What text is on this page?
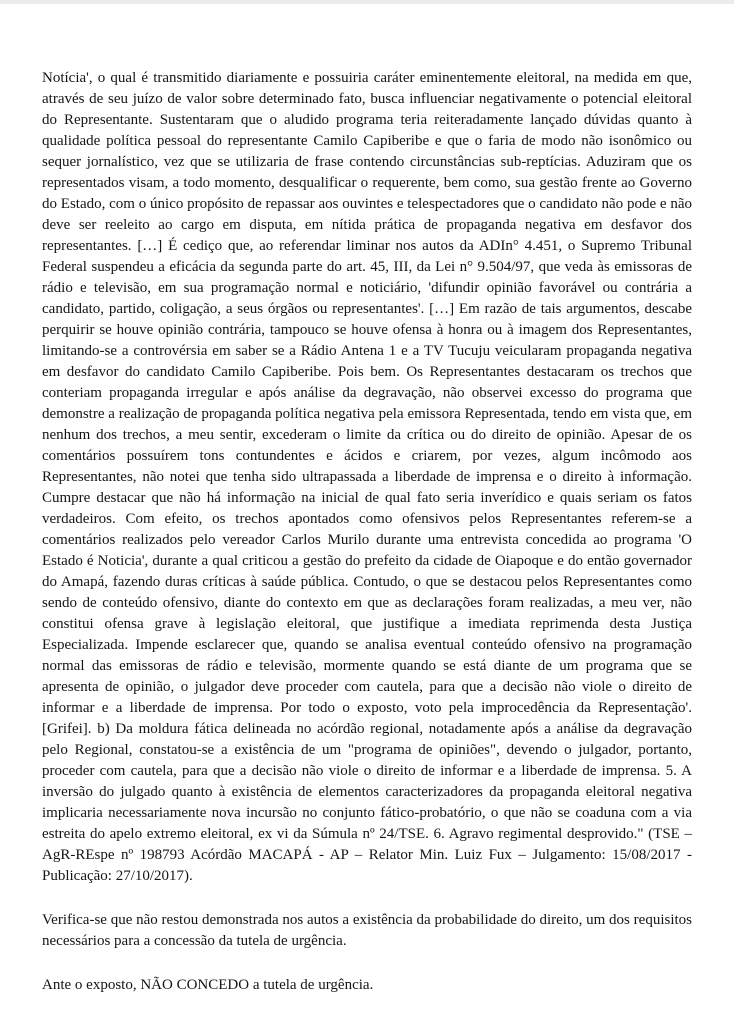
Notícia', o qual é transmitido diariamente e possuiria caráter eminentemente eleitoral, na medida em que, através de seu juízo de valor sobre determinado fato, busca influenciar negativamente o potencial eleitoral do Representante. Sustentaram que o aludido programa teria reiteradamente lançado dúvidas quanto à qualidade política pessoal do representante Camilo Capiberibe e que o faria de modo não isonômico ou sequer jornalístico, vez que se utilizaria de frase contendo circunstâncias sub-reptícias. Aduziram que os representados visam, a todo momento, desqualificar o requerente, bem como, sua gestão frente ao Governo do Estado, com o único propósito de repassar aos ouvintes e telespectadores que o candidato não pode e não deve ser reeleito ao cargo em disputa, em nítida prática de propaganda negativa em desfavor dos representantes. […] É cediço que, ao referendar liminar nos autos da ADIn° 4.451, o Supremo Tribunal Federal suspendeu a eficácia da segunda parte do art. 45, III, da Lei n° 9.504/97, que veda às emissoras de rádio e televisão, em sua programação normal e noticiário, 'difundir opinião favorável ou contrária a candidato, partido, coligação, a seus órgãos ou representantes'. […] Em razão de tais argumentos, descabe perquirir se houve opinião contrária, tampouco se houve ofensa à honra ou à imagem dos Representantes, limitando-se a controvérsia em saber se a Rádio Antena 1 e a TV Tucuju veicularam propaganda negativa em desfavor do candidato Camilo Capiberibe. Pois bem. Os Representantes destacaram os trechos que conteriam propaganda irregular e após análise da degravação, não observei excesso do programa que demonstre a realização de propaganda política negativa pela emissora Representada, tendo em vista que, em nenhum dos trechos, a meu sentir, excederam o limite da crítica ou do direito de opinião. Apesar de os comentários possuírem tons contundentes e ácidos e criarem, por vezes, algum incômodo aos Representantes, não notei que tenha sido ultrapassada a liberdade de imprensa e o direito à informação. Cumpre destacar que não há informação na inicial de qual fato seria inverídico e quais seriam os fatos verdadeiros. Com efeito, os trechos apontados como ofensivos pelos Representantes referem-se a comentários realizados pelo vereador Carlos Murilo durante uma entrevista concedida ao programa 'O Estado é Noticia', durante a qual criticou a gestão do prefeito da cidade de Oiapoque e do então governador do Amapá, fazendo duras críticas à saúde pública. Contudo, o que se destacou pelos Representantes como sendo de conteúdo ofensivo, diante do contexto em que as declarações foram realizadas, a meu ver, não constitui ofensa grave à legislação eleitoral, que justifique a imediata reprimenda desta Justiça Especializada. Impende esclarecer que, quando se analisa eventual conteúdo ofensivo na programação normal das emissoras de rádio e televisão, mormente quando se está diante de um programa que se apresenta de opinião, o julgador deve proceder com cautela, para que a decisão não viole o direito de informar e a liberdade de imprensa. Por todo o exposto, voto pela improcedência da Representação'. [Grifei]. b) Da moldura fática delineada no acórdão regional, notadamente após a análise da degravação pelo Regional, constatou-se a existência de um "programa de opiniões", devendo o julgador, portanto, proceder com cautela, para que a decisão não viole o direito de informar e a liberdade de imprensa. 5. A inversão do julgado quanto à existência de elementos caracterizadores da propaganda eleitoral negativa implicaria necessariamente nova incursão no conjunto fático-probatório, o que não se coaduna com a via estreita do apelo extremo eleitoral, ex vi da Súmula nº 24/TSE. 6. Agravo regimental desprovido." (TSE – AgR-REspe nº 198793 Acórdão MACAPÁ - AP – Relator Min. Luiz Fux – Julgamento: 15/08/2017 - Publicação: 27/10/2017).

Verifica-se que não restou demonstrada nos autos a existência da probabilidade do direito, um dos requisitos necessários para a concessão da tutela de urgência.

Ante o exposto, NÃO CONCEDO a tutela de urgência.
